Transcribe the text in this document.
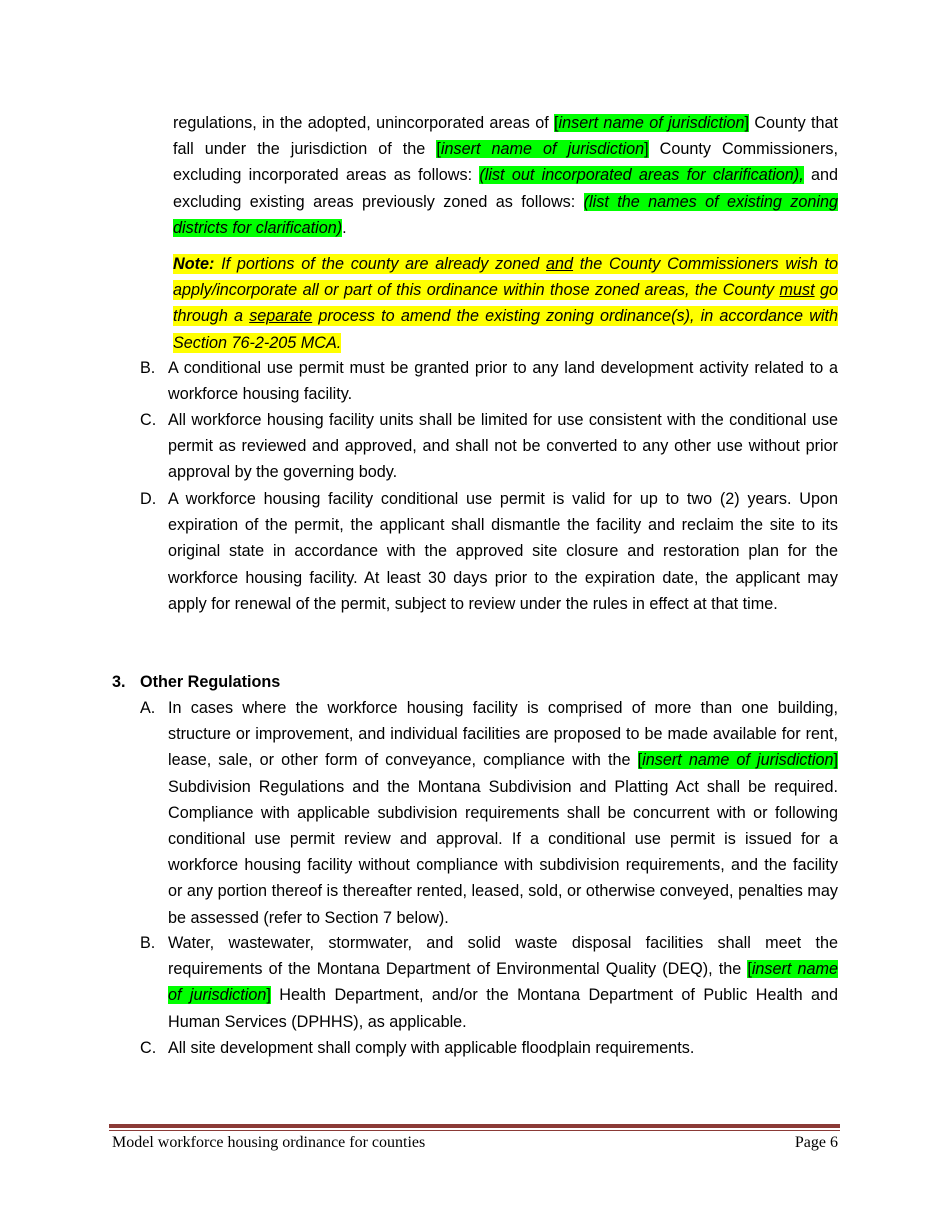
regulations, in the adopted, unincorporated areas of [insert name of jurisdiction] County that fall under the jurisdiction of the [insert name of jurisdiction] County Commissioners, excluding incorporated areas as follows: (list out incorporated areas for clarification), and excluding existing areas previously zoned as follows: (list the names of existing zoning districts for clarification).

Note: If portions of the county are already zoned and the County Commissioners wish to apply/incorporate all or part of this ordinance within those zoned areas, the County must go through a separate process to amend the existing zoning ordinance(s), in accordance with Section 76-2-205 MCA.

B. A conditional use permit must be granted prior to any land development activity related to a workforce housing facility.
C. All workforce housing facility units shall be limited for use consistent with the conditional use permit as reviewed and approved, and shall not be converted to any other use without prior approval by the governing body.
D. A workforce housing facility conditional use permit is valid for up to two (2) years. Upon expiration of the permit, the applicant shall dismantle the facility and reclaim the site to its original state in accordance with the approved site closure and restoration plan for the workforce housing facility. At least 30 days prior to the expiration date, the applicant may apply for renewal of the permit, subject to review under the rules in effect at that time.
3. Other Regulations
A. In cases where the workforce housing facility is comprised of more than one building, structure or improvement, and individual facilities are proposed to be made available for rent, lease, sale, or other form of conveyance, compliance with the [insert name of jurisdiction] Subdivision Regulations and the Montana Subdivision and Platting Act shall be required. Compliance with applicable subdivision requirements shall be concurrent with or following conditional use permit review and approval. If a conditional use permit is issued for a workforce housing facility without compliance with subdivision requirements, and the facility or any portion thereof is thereafter rented, leased, sold, or otherwise conveyed, penalties may be assessed (refer to Section 7 below).
B. Water, wastewater, stormwater, and solid waste disposal facilities shall meet the requirements of the Montana Department of Environmental Quality (DEQ), the [insert name of jurisdiction] Health Department, and/or the Montana Department of Public Health and Human Services (DPHHS), as applicable.
C. All site development shall comply with applicable floodplain requirements.
Model workforce housing ordinance for counties	Page 6
